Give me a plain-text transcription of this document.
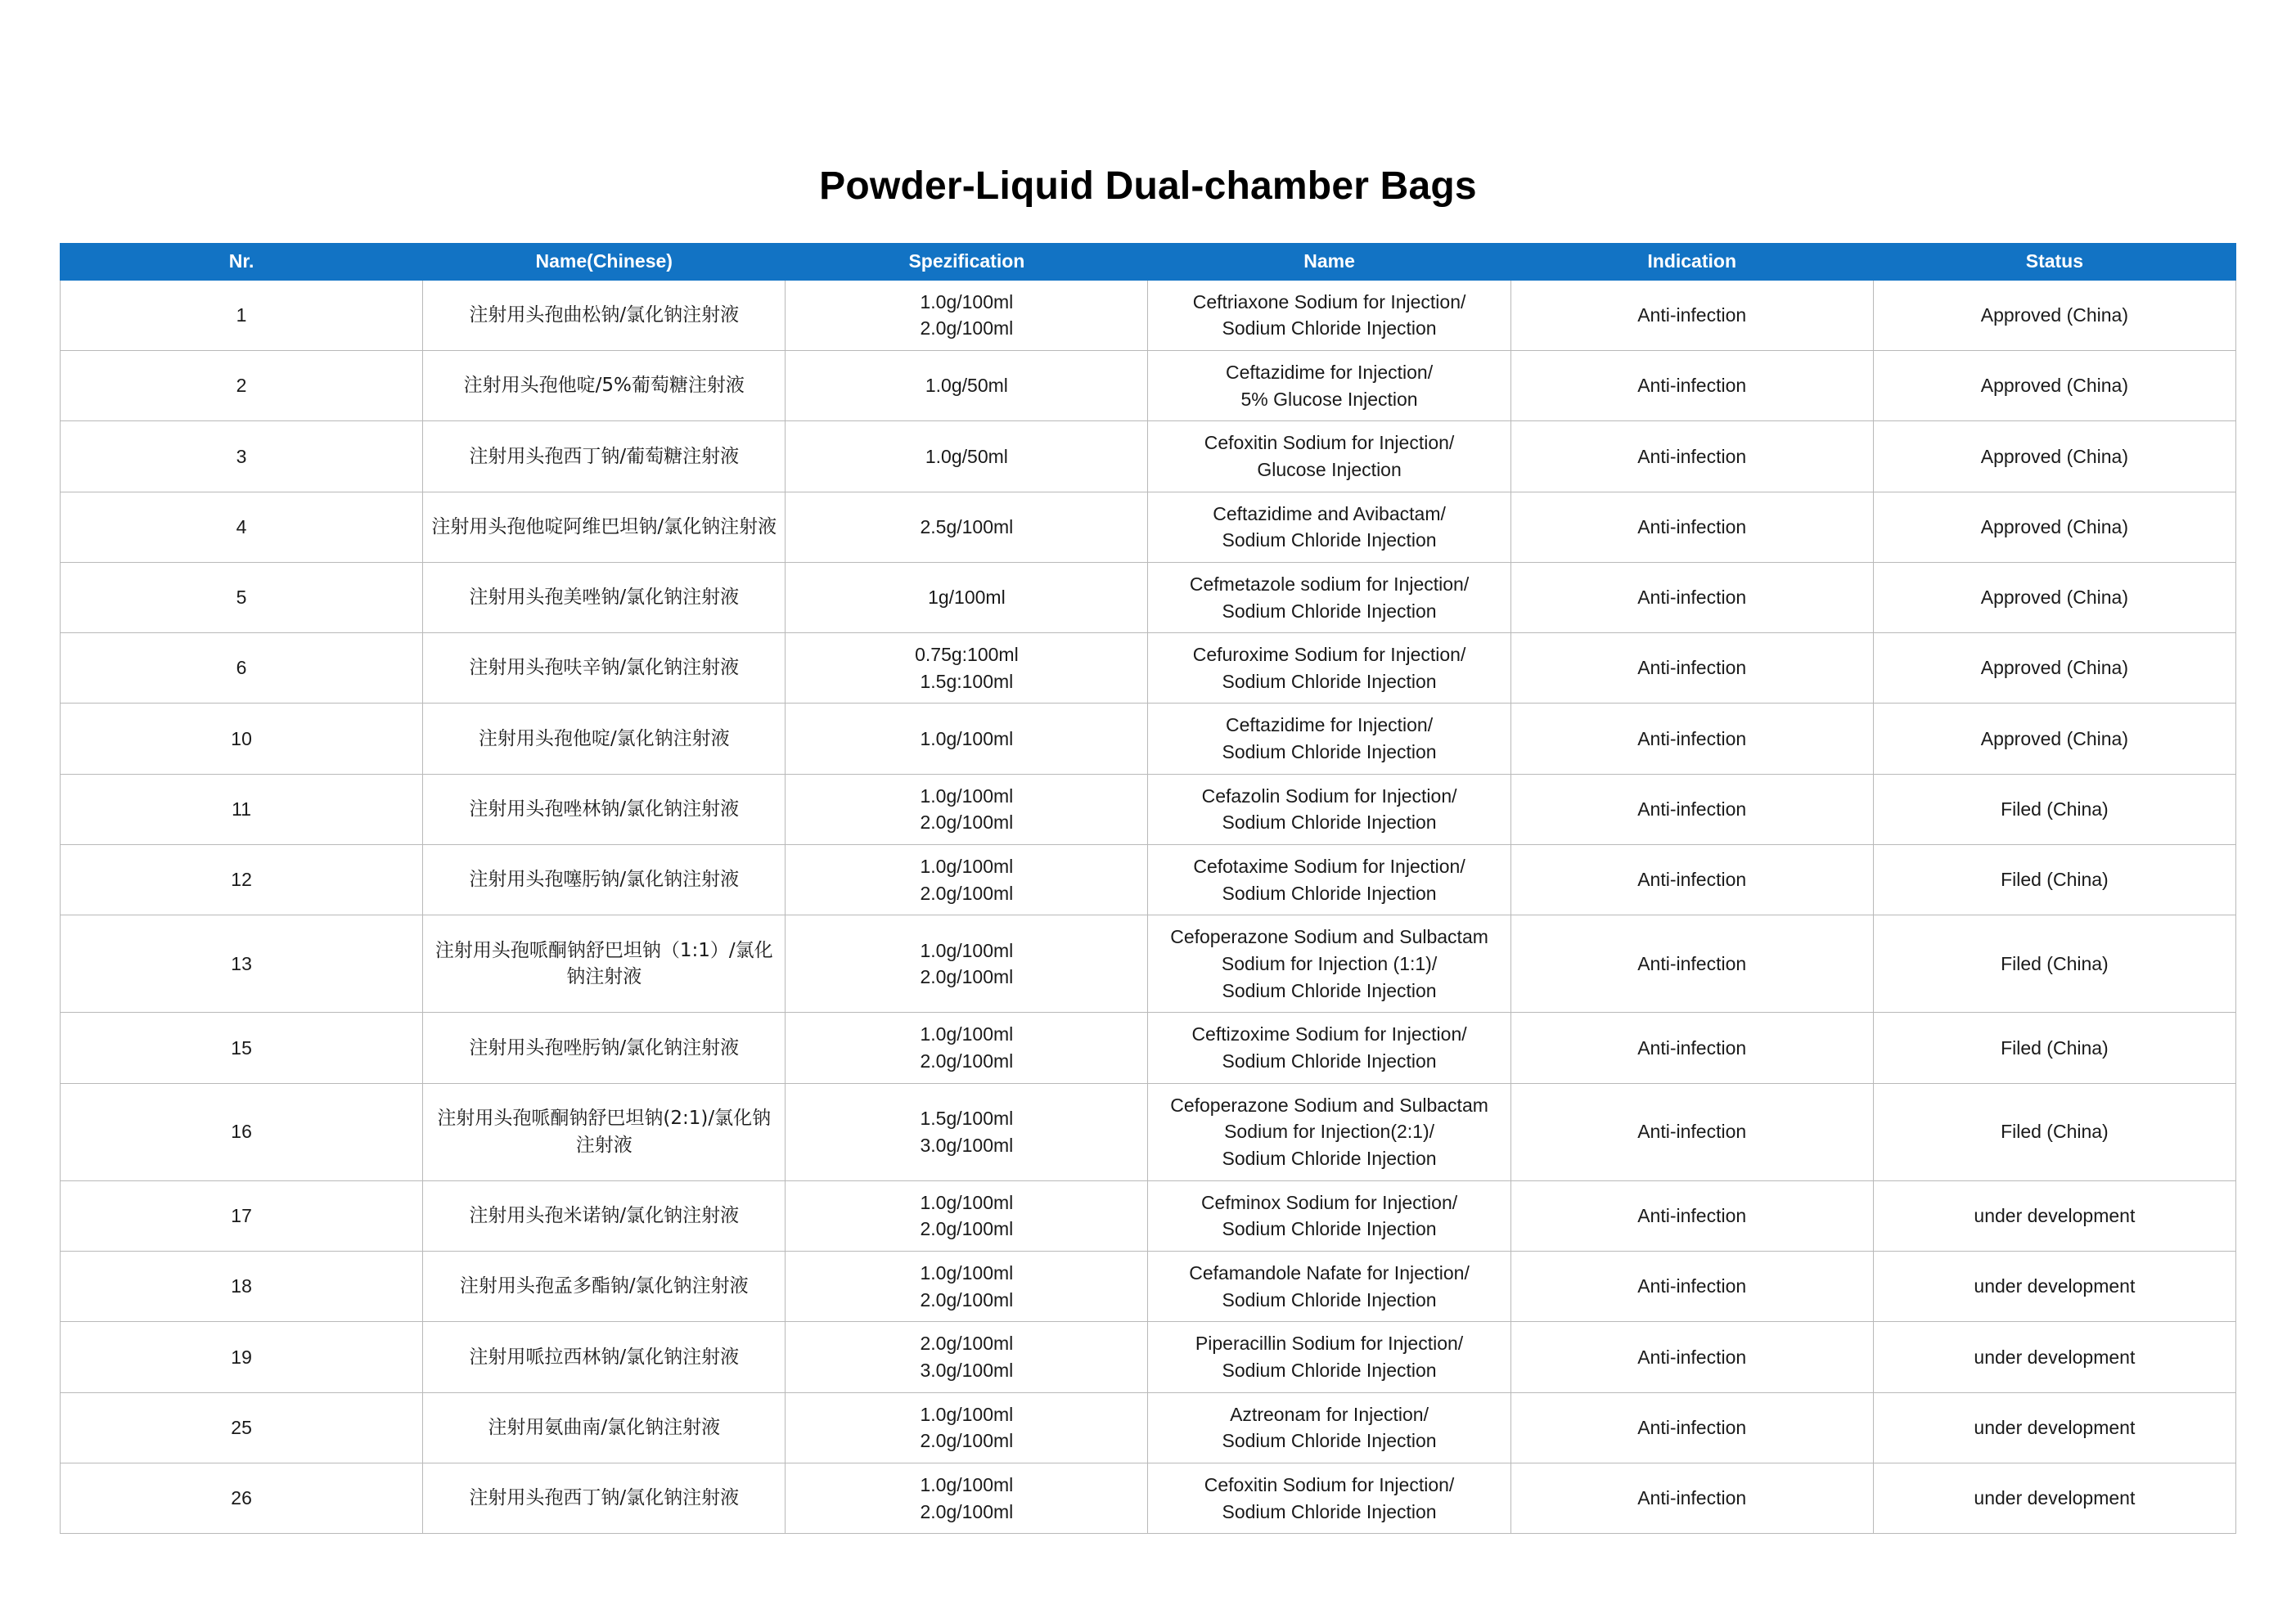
Powder-Liquid Dual-chamber Bags
Nr.	Name(Chinese)	Spezification	Name	Indication	Status
1	注射用头孢曲松钠/氯化钠注射液	1.0g/100ml
2.0g/100ml	Ceftriaxone Sodium for Injection/
Sodium Chloride Injection	Anti-infection	Approved (China)
2	注射用头孢他啶/5%葡萄糖注射液	1.0g/50ml	Ceftazidime for Injection/
5% Glucose Injection	Anti-infection	Approved (China)
3	注射用头孢西丁钠/葡萄糖注射液	1.0g/50ml	Cefoxitin Sodium for Injection/
Glucose Injection	Anti-infection	Approved (China)
4	注射用头孢他啶阿维巴坦钠/氯化钠注射液	2.5g/100ml	Ceftazidime and Avibactam/
Sodium Chloride Injection	Anti-infection	Approved (China)
5	注射用头孢美唑钠/氯化钠注射液	1g/100ml	Cefmetazole sodium for Injection/
Sodium Chloride Injection	Anti-infection	Approved (China)
6	注射用头孢呋辛钠/氯化钠注射液	0.75g:100ml
1.5g:100ml	Cefuroxime Sodium for Injection/
Sodium Chloride Injection	Anti-infection	Approved (China)
10	注射用头孢他啶/氯化钠注射液	1.0g/100ml	Ceftazidime for Injection/
Sodium Chloride Injection	Anti-infection	Approved (China)
11	注射用头孢唑林钠/氯化钠注射液	1.0g/100ml
2.0g/100ml	Cefazolin Sodium for Injection/
Sodium Chloride Injection	Anti-infection	Filed (China)
12	注射用头孢噻肟钠/氯化钠注射液	1.0g/100ml
2.0g/100ml	Cefotaxime Sodium for Injection/
Sodium Chloride Injection	Anti-infection	Filed (China)
13	注射用头孢哌酮钠舒巴坦钠（1:1）/氯化钠注射液	1.0g/100ml
2.0g/100ml	Cefoperazone Sodium and Sulbactam Sodium for Injection (1:1)/
Sodium Chloride Injection	Anti-infection	Filed (China)
15	注射用头孢唑肟钠/氯化钠注射液	1.0g/100ml
2.0g/100ml	Ceftizoxime Sodium for Injection/
Sodium Chloride Injection	Anti-infection	Filed (China)
16	注射用头孢哌酮钠舒巴坦钠(2:1)/氯化钠注射液	1.5g/100ml
3.0g/100ml	Cefoperazone Sodium and Sulbactam Sodium for Injection(2:1)/
Sodium Chloride Injection	Anti-infection	Filed (China)
17	注射用头孢米诺钠/氯化钠注射液	1.0g/100ml
2.0g/100ml	Cefminox Sodium for Injection/
Sodium Chloride Injection	Anti-infection	under development
18	注射用头孢孟多酯钠/氯化钠注射液	1.0g/100ml
2.0g/100ml	Cefamandole Nafate for Injection/
Sodium Chloride Injection	Anti-infection	under development
19	注射用哌拉西林钠/氯化钠注射液	2.0g/100ml
3.0g/100ml	Piperacillin Sodium for Injection/
Sodium Chloride Injection	Anti-infection	under development
25	注射用氨曲南/氯化钠注射液	1.0g/100ml
2.0g/100ml	Aztreonam for Injection/
Sodium Chloride Injection	Anti-infection	under development
26	注射用头孢西丁钠/氯化钠注射液	1.0g/100ml
2.0g/100ml	Cefoxitin Sodium for Injection/
Sodium Chloride Injection	Anti-infection	under development
